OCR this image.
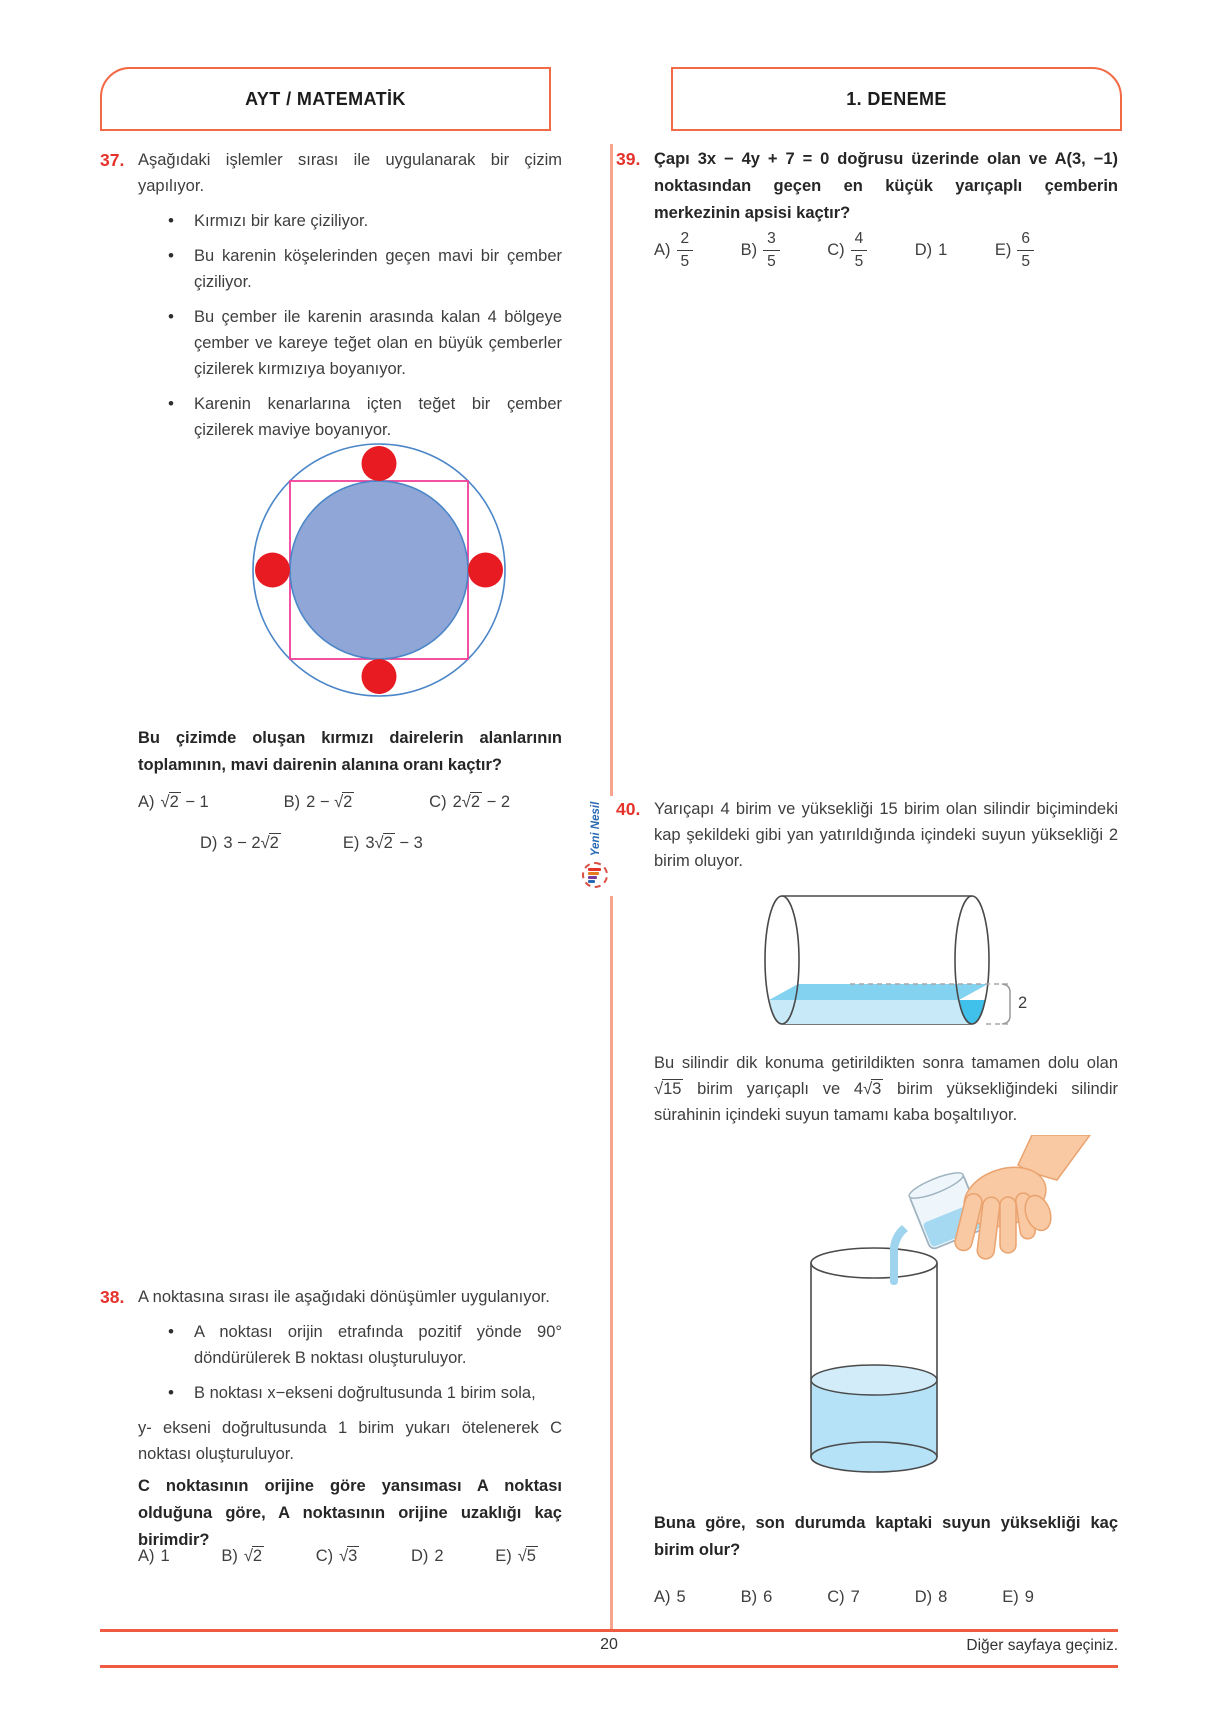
AYT / MATEMATİK	1. DENEME
Yeni Nesil
37. Aşağıdaki işlemler sırası ile uygulanarak bir çizim yapılıyor.
• Kırmızı bir kare çiziliyor.
• Bu karenin köşelerinden geçen mavi bir çember çiziliyor.
• Bu çember ile karenin arasında kalan 4 bölgeye çember ve kareye teğet olan en büyük çemberler çizilerek kırmızıya boyanıyor.
• Karenin kenarlarına içten teğet bir çember çizilerek maviye boyanıyor.
Bu çizimde oluşan kırmızı dairelerin alanlarının toplamının, mavi dairenin alanına oranı kaçtır?
A) √2 − 1	B) 2 − √2	C) 2√2 − 2
D) 3 − 2√2	E) 3√2 − 3
38. A noktasına sırası ile aşağıdaki dönüşümler uygulanıyor.
• A noktası orijin etrafında pozitif yönde 90° döndürülerek B noktası oluşturuluyor.
• B noktası x−ekseni doğrultusunda 1 birim sola,
y- ekseni doğrultusunda 1 birim yukarı ötelenerek C noktası oluşturuluyor.
C noktasının orijine göre yansıması A noktası olduğuna göre, A noktasının orijine uzaklığı kaç birimdir?
A) 1	B) √2	C) √3	D) 2	E) √5
39. Çapı 3x − 4y + 7 = 0 doğrusu üzerinde olan ve A(3, −1) noktasından geçen en küçük yarıçaplı çemberin merkezinin apsisi kaçtır?
$A) \frac{2}{5}$	$B) \frac{3}{5}$	$C) \frac{4}{5}$	D) 1	$E) \frac{6}{5}$
40. Yarıçapı 4 birim ve yüksekliği 15 birim olan silindir biçimindeki kap şekildeki gibi yan yatırıldığında içindeki suyun yüksekliği 2 birim oluyor.
2
Bu silindir dik konuma getirildikten sonra tamamen dolu olan √15 birim yarıçaplı ve 4√3 birim yüksekliğindeki silindir sürahinin içindeki suyun tamamı kaba boşaltılıyor.
Buna göre, son durumda kaptaki suyun yüksekliği kaç birim olur?
A) 5	B) 6	C) 7	D) 8	E) 9
20	Diğer sayfaya geçiniz.
